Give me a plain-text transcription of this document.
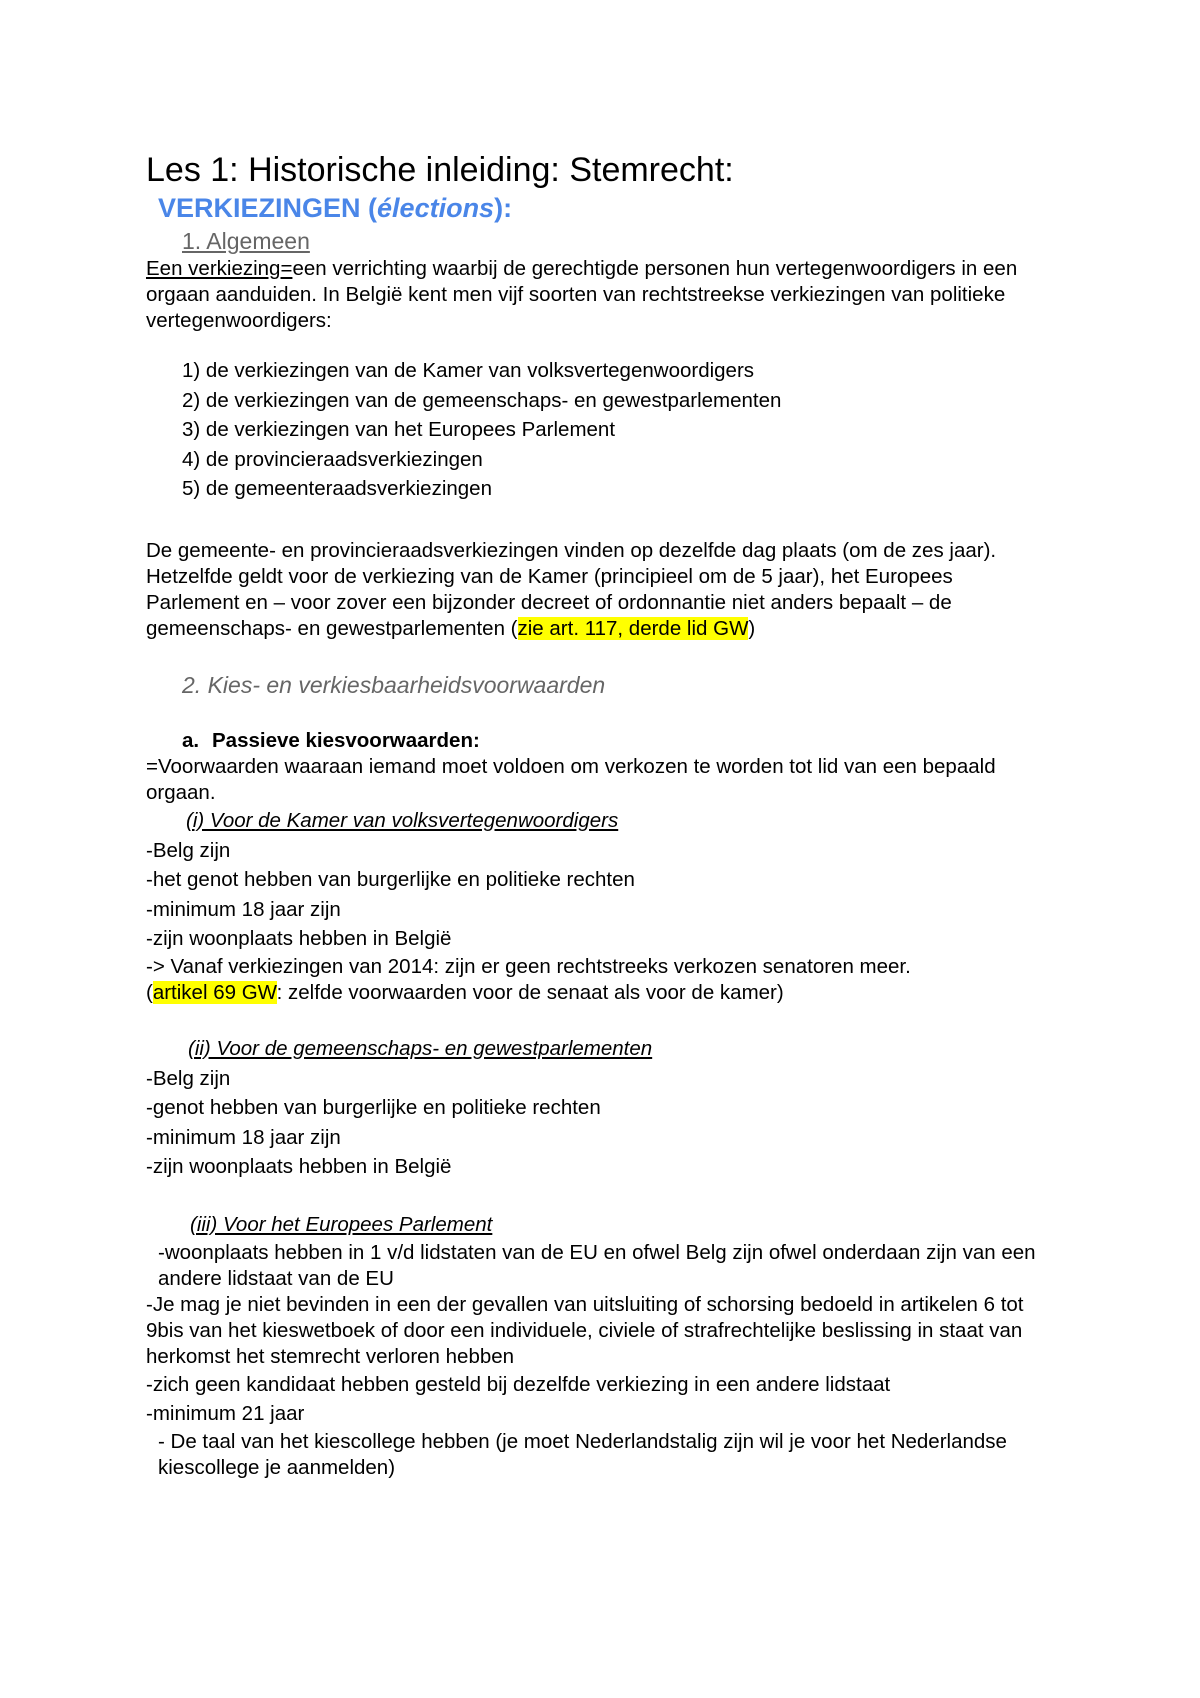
Les 1: Historische inleiding: Stemrecht:
VERKIEZINGEN (élections):
1. Algemeen

Een verkiezing=een verrichting waarbij de gerechtigde personen hun vertegenwoordigers in een orgaan aanduiden. In België kent men vijf soorten van rechtstreekse verkiezingen van politieke vertegenwoordigers:

1) de verkiezingen van de Kamer van volksvertegenwoordigers
2) de verkiezingen van de gemeenschaps- en gewestparlementen
3) de verkiezingen van het Europees Parlement
4) de provincieraadsverkiezingen
5) de gemeenteraadsverkiezingen

De gemeente- en provincieraadsverkiezingen vinden op dezelfde dag plaats (om de zes jaar). Hetzelfde geldt voor de verkiezing van de Kamer (principieel om de 5 jaar), het Europees Parlement en – voor zover een bijzonder decreet of ordonnantie niet anders bepaalt – de gemeenschaps- en gewestparlementen (zie art. 117, derde lid GW)

2. Kies- en verkiesbaarheidsvoorwaarden
a. Passieve kiesvoorwaarden:

=Voorwaarden waaraan iemand moet voldoen om verkozen te worden tot lid van een bepaald orgaan.

(i) Voor de Kamer van volksvertegenwoordigers

-Belg zijn

-het genot hebben van burgerlijke en politieke rechten

-minimum 18 jaar zijn

-zijn woonplaats hebben in België

-> Vanaf verkiezingen van 2014: zijn er geen rechtstreeks verkozen senatoren meer.

(artikel 69 GW: zelfde voorwaarden voor de senaat als voor de kamer)

(ii) Voor de gemeenschaps- en gewestparlementen

-Belg zijn

-genot hebben van burgerlijke en politieke rechten

-minimum 18 jaar zijn

-zijn woonplaats hebben in België

(iii) Voor het Europees Parlement

-woonplaats hebben in 1 v/d lidstaten van de EU en ofwel Belg zijn ofwel onderdaan zijn van een andere lidstaat van de EU

-Je mag je niet bevinden in een der gevallen van uitsluiting of schorsing bedoeld in artikelen 6 tot 9bis van het kieswetboek of door een individuele, civiele of strafrechtelijke beslissing in staat van herkomst het stemrecht verloren hebben

-zich geen kandidaat hebben gesteld bij dezelfde verkiezing in een andere lidstaat

-minimum 21 jaar

- De taal van het kiescollege hebben (je moet Nederlandstalig zijn wil je voor het Nederlandse kiescollege je aanmelden)
